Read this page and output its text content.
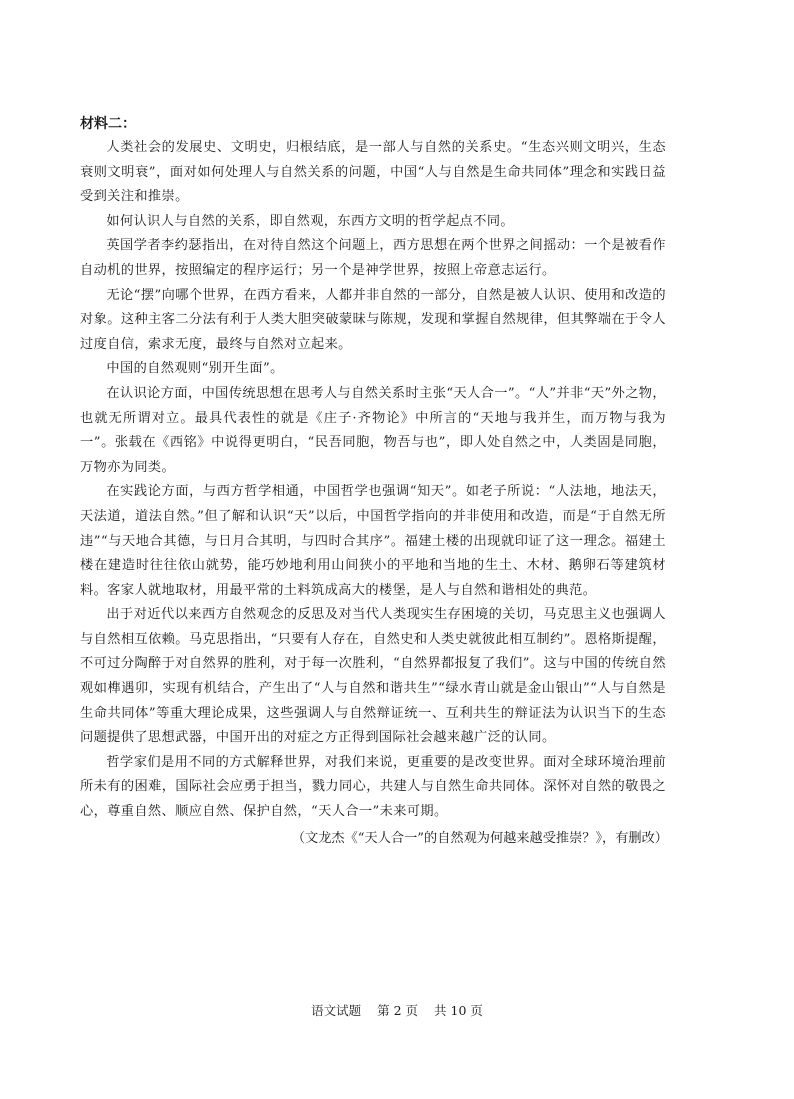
材料二：

人类社会的发展史、文明史，归根结底，是一部人与自然的关系史。“生态兴则文明兴，生态衰则文明衰”，面对如何处理人与自然关系的问题，中国“人与自然是生命共同体”理念和实践日益受到关注和推崇。

如何认识人与自然的关系，即自然观，东西方文明的哲学起点不同。

英国学者李约瑟指出，在对待自然这个问题上，西方思想在两个世界之间摇动：一个是被看作自动机的世界，按照编定的程序运行；另一个是神学世界，按照上帝意志运行。

无论“摆”向哪个世界，在西方看来，人都并非自然的一部分，自然是被人认识、使用和改造的对象。这种主客二分法有利于人类大胆突破蒙昧与陈规，发现和掌握自然规律，但其弊端在于令人过度自信，索求无度，最终与自然对立起来。

中国的自然观则“别开生面”。

在认识论方面，中国传统思想在思考人与自然关系时主张“天人合一”。“人”并非“天”外之物，也就无所谓对立。最具代表性的就是《庄子·齐物论》中所言的“天地与我并生，而万物与我为一”。张载在《西铭》中说得更明白，“民吾同胞，物吾与也”，即人处自然之中，人类固是同胞，万物亦为同类。

在实践论方面，与西方哲学相通，中国哲学也强调“知天”。如老子所说：“人法地，地法天，天法道，道法自然。”但了解和认识“天”以后，中国哲学指向的并非使用和改造，而是“于自然无所违”“与天地合其德，与日月合其明，与四时合其序”。福建土楼的出现就印证了这一理念。福建土楼在建造时往往依山就势，能巧妙地利用山间狭小的平地和当地的生土、木材、鹅卵石等建筑材料。客家人就地取材，用最平常的土料筑成高大的楼堡，是人与自然和谐相处的典范。

出于对近代以来西方自然观念的反思及对当代人类现实生存困境的关切，马克思主义也强调人与自然相互依赖。马克思指出，“只要有人存在，自然史和人类史就彼此相互制约”。恩格斯提醒，不可过分陶醉于对自然界的胜利，对于每一次胜利，“自然界都报复了我们”。这与中国的传统自然观如榫遇卯，实现有机结合，产生出了“人与自然和谐共生”“绿水青山就是金山银山”“人与自然是生命共同体”等重大理论成果，这些强调人与自然辩证统一、互利共生的辩证法为认识当下的生态问题提供了思想武器，中国开出的对症之方正得到国际社会越来越广泛的认同。

哲学家们是用不同的方式解释世界，对我们来说，更重要的是改变世界。面对全球环境治理前所未有的困难，国际社会应勇于担当，戮力同心，共建人与自然生命共同体。深怀对自然的敬畏之心，尊重自然、顺应自然、保护自然，“天人合一”未来可期。

（文龙杰《“天人合一”的自然观为何越来越受推崇？》，有删改）

语文试题 第 2 页 共 10 页
